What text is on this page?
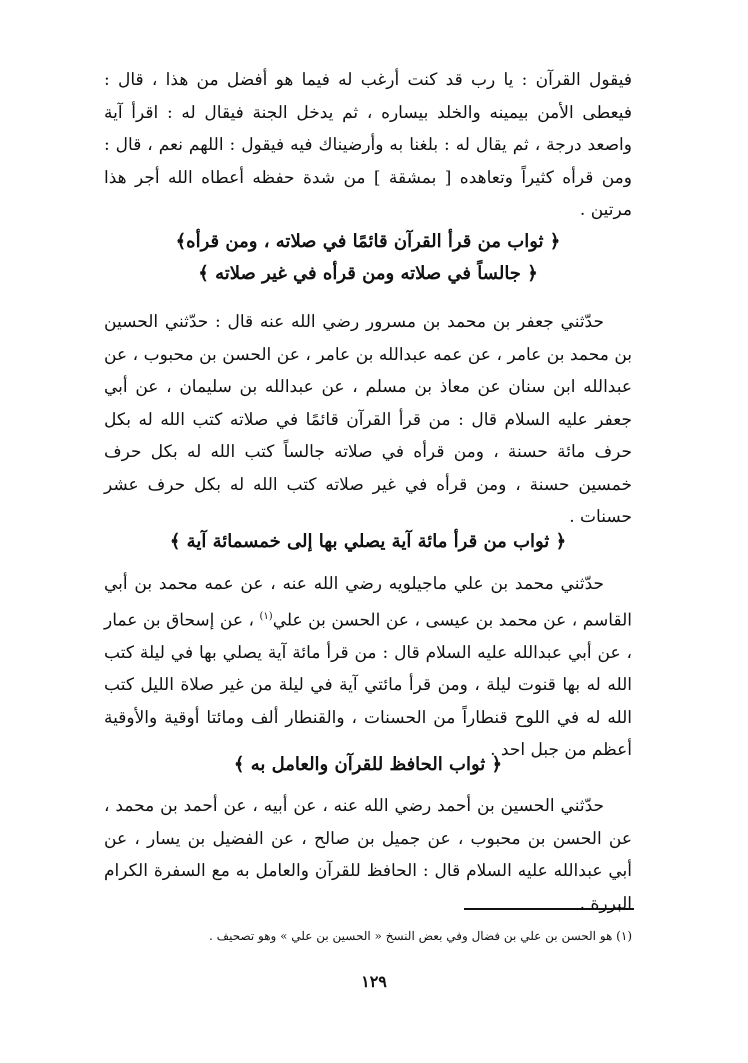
فيقول القرآن : يا رب قد كنت أرغب له فيما هو أفضل من هذا ، قال : فيعطى الأمن بيمينه والخلد بيساره ، ثم يدخل الجنة فيقال له : اقرأ آية واصعد درجة ، ثم يقال له : بلغنا به وأرضيناك فيه فيقول : اللهم نعم ، قال : ومن قرأه كثيراً وتعاهده [ بمشقة ] من شدة حفظه أعطاه الله أجر هذا مرتين .

﴿ ثواب من قرأ القرآن قائمًا في صلاته ، ومن قرأه﴾

﴿ جالساً في صلاته ومن قرأه في غير صلاته ﴾

حدّثني جعفر بن محمد بن مسرور رضي الله عنه قال : حدّثني الحسين بن محمد بن عامر ، عن عمه عبدالله بن عامر ، عن الحسن بن محبوب ، عن عبدالله ابن سنان عن معاذ بن مسلم ، عن عبدالله بن سليمان ، عن أبي جعفر عليه السلام قال : من قرأ القرآن قائمًا في صلاته كتب الله له بكل حرف مائة حسنة ، ومن قرأه في صلاته جالساً كتب الله له بكل حرف خمسين حسنة ، ومن قرأه في غير صلاته كتب الله له بكل حرف عشر حسنات .

﴿ ثواب من قرأ مائة آية يصلي بها إلى خمسمائة آية ﴾

حدّثني محمد بن علي ماجيلويه رضي الله عنه ، عن عمه محمد بن أبي القاسم ، عن محمد بن عيسى ، عن الحسن بن علي$^{(١)}$ ، عن إسحاق بن عمار ، عن أبي عبدالله عليه السلام قال : من قرأ مائة آية يصلي بها في ليلة كتب الله له بها قنوت ليلة ، ومن قرأ مائتي آية في ليلة من غير صلاة الليل كتب الله له في اللوح قنطاراً من الحسنات ، والقنطار ألف ومائتا أوقية والأوقية أعظم من جبل احد .

﴿ ثواب الحافظ للقرآن والعامل به ﴾

حدّثني الحسين بن أحمد رضي الله عنه ، عن أبيه ، عن أحمد بن محمد ، عن الحسن بن محبوب ، عن جميل بن صالح ، عن الفضيل بن يسار ، عن أبي عبدالله عليه السلام قال : الحافظ للقرآن والعامل به مع السفرة الكرام البررة .

(١) هو الحسن بن علي بن فضال وفي بعض النسخ « الحسين بن علي » وهو تصحيف .
١٢٩
